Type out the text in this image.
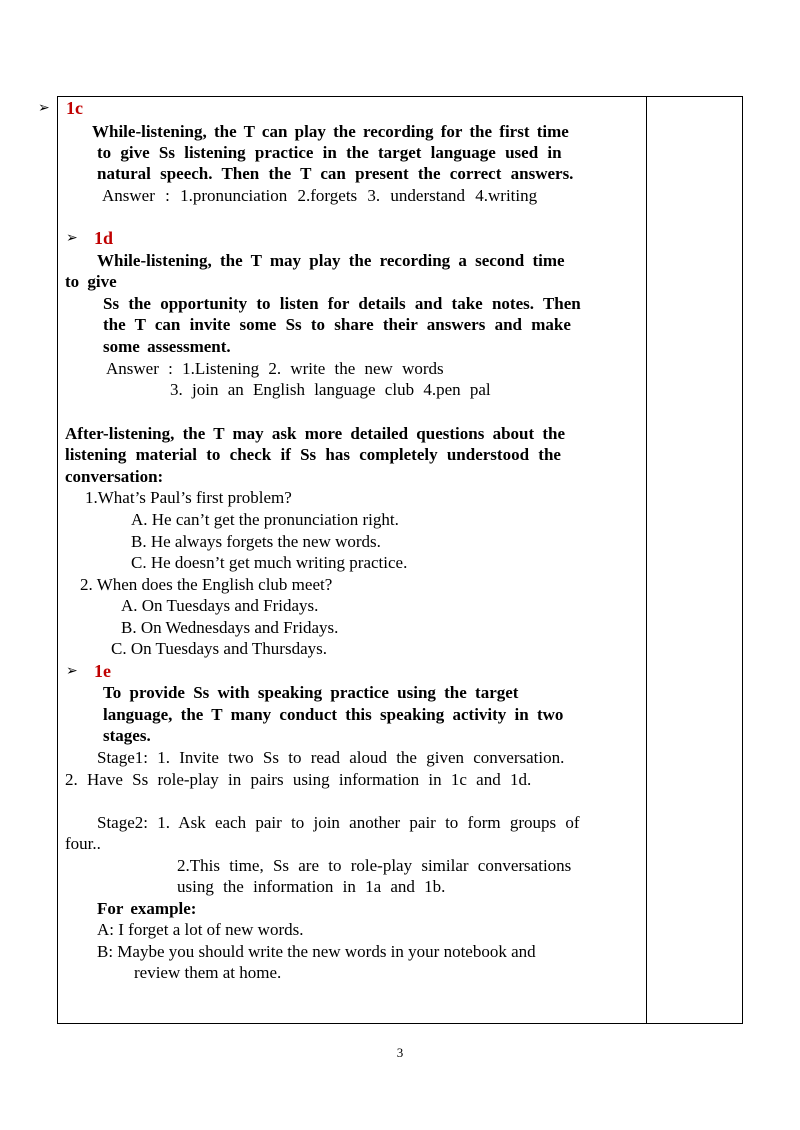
➢ 1c
While-listening, the T can play the recording for the first time
to give Ss listening practice in the target language used in
natural speech. Then the T can present the correct answers.
Answer : 1.pronunciation 2.forgets 3. understand 4.writing
➢ 1d
While-listening, the T may play the recording a second time
to give
Ss the opportunity to listen for details and take notes. Then
the T can invite some Ss to share their answers and make
some assessment.
Answer : 1.Listening 2. write the new words
3. join an English language club 4.pen pal
After-listening, the T may ask more detailed questions about the
listening material to check if Ss has completely understood the
conversation:
1.What’s Paul’s first problem?
A. He can’t get the pronunciation right.
B. He always forgets the new words.
C. He doesn’t get much writing practice.
2. When does the English club meet?
A. On Tuesdays and Fridays.
B. On Wednesdays and Fridays.
C. On Tuesdays and Thursdays.
➢ 1e
To provide Ss with speaking practice using the target
language, the T many conduct this speaking activity in two
stages.
Stage1: 1. Invite two Ss to read aloud the given conversation.
2. Have Ss role-play in pairs using information in 1c and 1d.
Stage2: 1. Ask each pair to join another pair to form groups of
four..
2.This time, Ss are to role-play similar conversations
using the information in 1a and 1b.
For example:
A: I forget a lot of new words.
B: Maybe you should write the new words in your notebook and
review them at home.
3
